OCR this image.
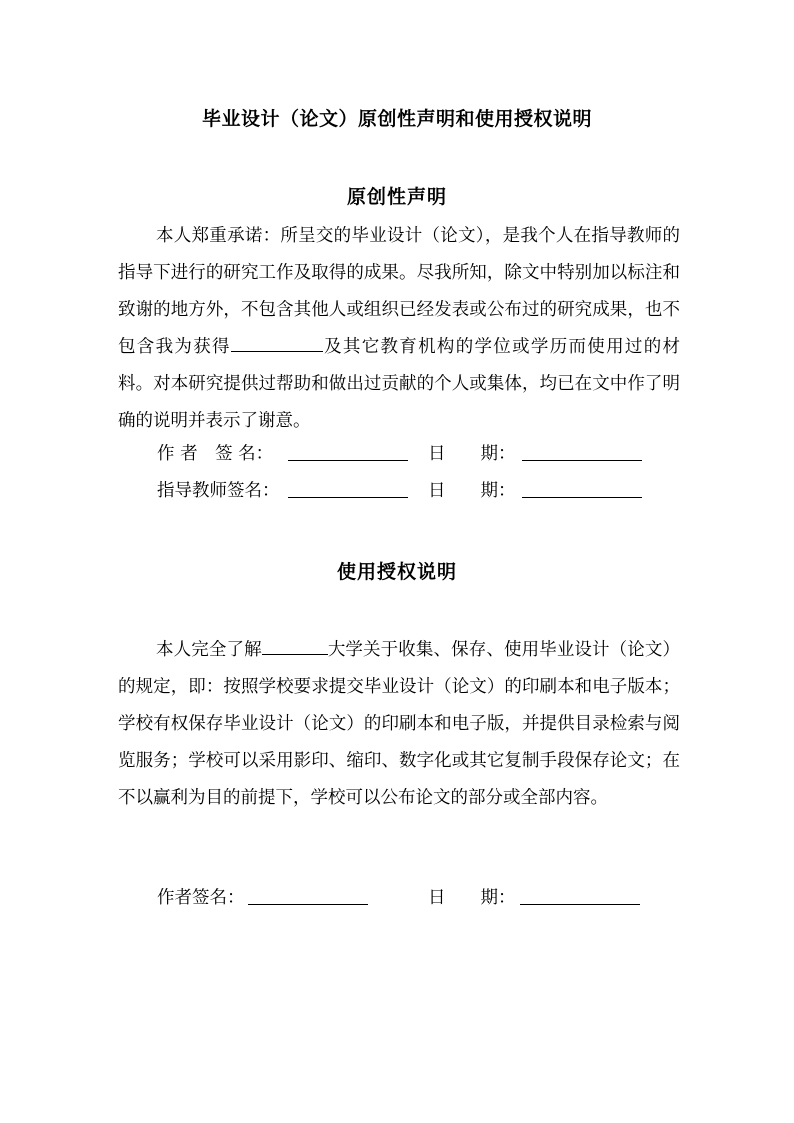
毕业设计（论文）原创性声明和使用授权说明
原创性声明

本人郑重承诺：所呈交的毕业设计（论文），是我个人在指导教师的指导下进行的研究工作及取得的成果。尽我所知，除文中特别加以标注和致谢的地方外，不包含其他人或组织已经发表或公布过的研究成果，也不包含我为获得	及其它教育机构的学位或学历而使用过的材料。对本研究提供过帮助和做出过贡献的个人或集体，均已在文中作了明确的说明并表示了谢意。

作 者　签 名：	日　　期：
指导教师签名：	日　　期：
使用授权说明

本人完全了解	大学关于收集、保存、使用毕业设计（论文）的规定，即：按照学校要求提交毕业设计（论文）的印刷本和电子版本；学校有权保存毕业设计（论文）的印刷本和电子版，并提供目录检索与阅览服务；学校可以采用影印、缩印、数字化或其它复制手段保存论文；在不以赢利为目的前提下，学校可以公布论文的部分或全部内容。

作者签名：	日　　期：
